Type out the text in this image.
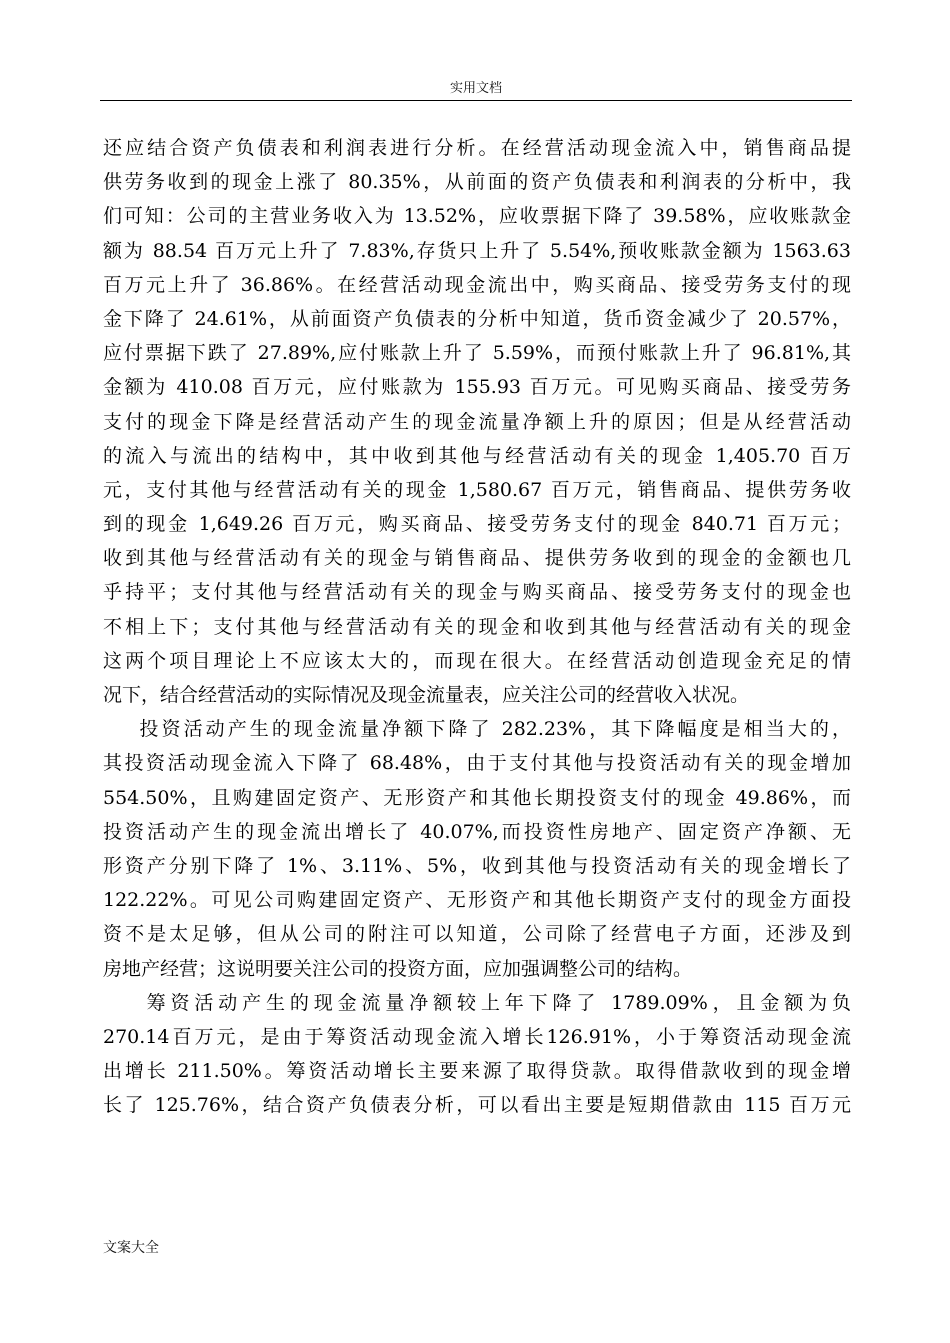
实用文档
还应结合资产负债表和利润表进行分析。在经营活动现金流入中，销售商品提
供劳务收到的现金上涨了 80.35%，从前面的资产负债表和利润表的分析中，我
们可知：公司的主营业务收入为 13.52%，应收票据下降了 39.58%，应收账款金
额为 88.54 百万元上升了 7.83%,存货只上升了 5.54%,预收账款金额为 1563.63
百万元上升了 36.86%。在经营活动现金流出中，购买商品、接受劳务支付的现
金下降了 24.61%，从前面资产负债表的分析中知道，货币资金减少了 20.57%，
应付票据下跌了 27.89%,应付账款上升了 5.59%，而预付账款上升了 96.81%,其
金额为 410.08 百万元，应付账款为 155.93 百万元。可见购买商品、接受劳务
支付的现金下降是经营活动产生的现金流量净额上升的原因；但是从经营活动
的流入与流出的结构中，其中收到其他与经营活动有关的现金 1,405.70 百万
元，支付其他与经营活动有关的现金 1,580.67 百万元，销售商品、提供劳务收
到的现金 1,649.26 百万元，购买商品、接受劳务支付的现金 840.71 百万元；
收到其他与经营活动有关的现金与销售商品、提供劳务收到的现金的金额也几
乎持平；支付其他与经营活动有关的现金与购买商品、接受劳务支付的现金也
不相上下；支付其他与经营活动有关的现金和收到其他与经营活动有关的现金
这两个项目理论上不应该太大的，而现在很大。在经营活动创造现金充足的情
况下，结合经营活动的实际情况及现金流量表，应关注公司的经营收入状况。
投资活动产生的现金流量净额下降了 282.23%，其下降幅度是相当大的，
其投资活动现金流入下降了 68.48%，由于支付其他与投资活动有关的现金增加
554.50%，且购建固定资产、无形资产和其他长期投资支付的现金 49.86%，而
投资活动产生的现金流出增长了 40.07%,而投资性房地产、固定资产净额、无
形资产分别下降了 1%、3.11%、5%，收到其他与投资活动有关的现金增长了
122.22%。可见公司购建固定资产、无形资产和其他长期资产支付的现金方面投
资不是太足够，但从公司的附注可以知道，公司除了经营电子方面，还涉及到
房地产经营；这说明要关注公司的投资方面，应加强调整公司的结构。
筹资活动产生的现金流量净额较上年下降了 1789.09%，且金额为负
270.14百万元，是由于筹资活动现金流入增长126.91%，小于筹资活动现金流
出增长 211.50%。筹资活动增长主要来源了取得贷款。取得借款收到的现金增
长了 125.76%，结合资产负债表分析，可以看出主要是短期借款由 115 百万元
文案大全
